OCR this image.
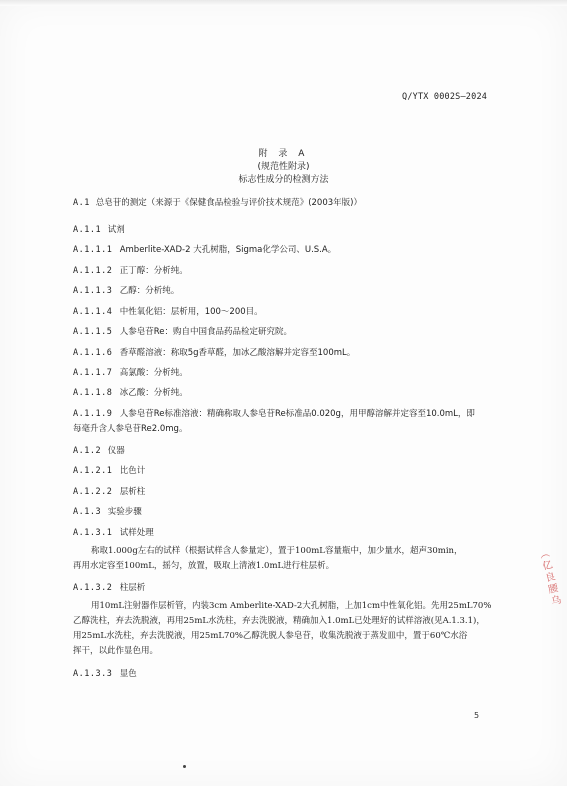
Q/YTX 0002S—2024
附 录 A
(规范性附录)
标志性成分的检测方法
A.1 总皂苷的测定（来源于《保健食品检验与评价技术规范》(2003年版)）
A.1.1 试剂
A.1.1.1 Amberlite-XAD-2 大孔树脂，Sigma化学公司、U.S.A。
A.1.1.2 正丁醇：分析纯。
A.1.1.3 乙醇：分析纯。
A.1.1.4 中性氧化铝：层析用，100～200目。
A.1.1.5 人参皂苷Re：购自中国食品药品检定研究院。
A.1.1.6 香草醛溶液：称取5g香草醛，加冰乙酸溶解并定容至100mL。
A.1.1.7 高氯酸：分析纯。
A.1.1.8 冰乙酸：分析纯。
A.1.1.9 人参皂苷Re标准溶液：精确称取人参皂苷Re标准品0.020g，用甲醇溶解并定容至10.0mL，即
每毫升含人参皂苷Re2.0mg。
A.1.2 仪器
A.1.2.1 比色计
A.1.2.2 层析柱
A.1.3 实验步骤
A.1.3.1 试样处理
称取1.000g左右的试样（根据试样含人参量定），置于100mL容量瓶中，加少量水，超声30min，
再用水定容至100mL，摇匀，放置，吸取上清液1.0mL进行柱层析。
A.1.3.2 柱层析
用10mL注射器作层析管，内装3cm Amberlite-XAD-2大孔树脂，上加1cm中性氧化铝。先用25mL70%
乙醇洗柱，弃去洗脱液，再用25mL水洗柱，弃去洗脱液，精确加入1.0mL已处理好的试样溶液(见A.1.3.1)，
用25mL水洗柱，弃去洗脱液，用25mL70%乙醇洗脱人参皂苷，收集洗脱液于蒸发皿中，置于60℃水浴
挥干，以此作显色用。
A.1.3.3 显色
5
（亿良腰乌
